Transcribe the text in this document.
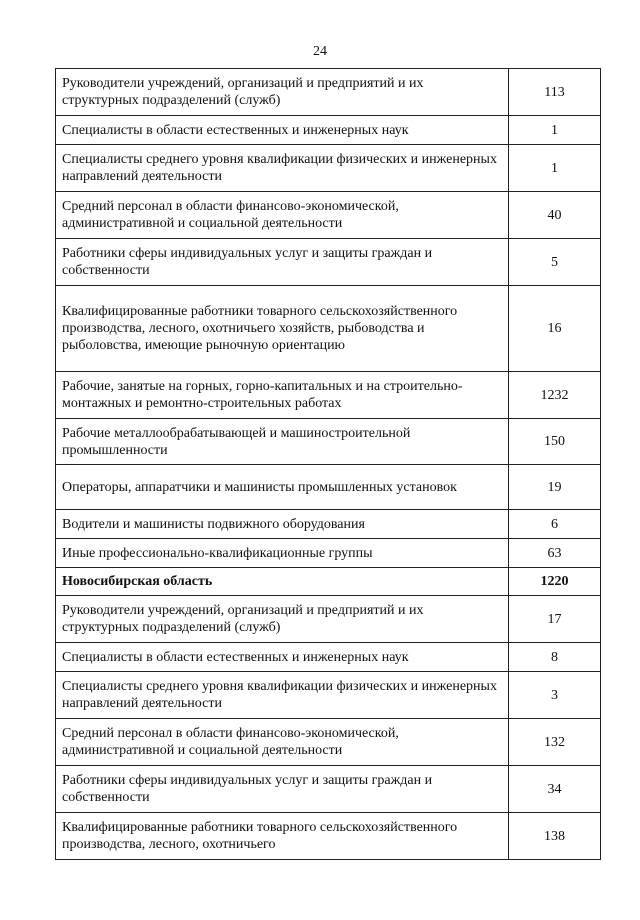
24
Руководители учреждений, организаций и предприятий и их структурных подразделений (служб)	113
Специалисты в области естественных и инженерных наук	1
Специалисты среднего уровня квалификации физических и инженерных направлений деятельности	1
Средний персонал в области финансово-экономической, административной и социальной деятельности	40
Работники сферы индивидуальных услуг и защиты граждан и собственности	5
Квалифицированные работники товарного сельскохозяйственного производства, лесного, охотничьего хозяйств, рыбоводства и рыболовства, имеющие рыночную ориентацию	16
Рабочие, занятые на горных, горно-капитальных и на строительно-монтажных и ремонтно-строительных работах	1232
Рабочие металлообрабатывающей и машиностроительной промышленности	150
Операторы, аппаратчики и машинисты промышленных установок	19
Водители и машинисты подвижного оборудования	6
Иные профессионально-квалификационные группы	63
Новосибирская область	1220
Руководители учреждений, организаций и предприятий и их структурных подразделений (служб)	17
Специалисты в области естественных и инженерных наук	8
Специалисты среднего уровня квалификации физических и инженерных направлений деятельности	3
Средний персонал в области финансово-экономической, административной и социальной деятельности	132
Работники сферы индивидуальных услуг и защиты граждан и собственности	34
Квалифицированные работники товарного сельскохозяйственного производства, лесного, охотничьего	138
